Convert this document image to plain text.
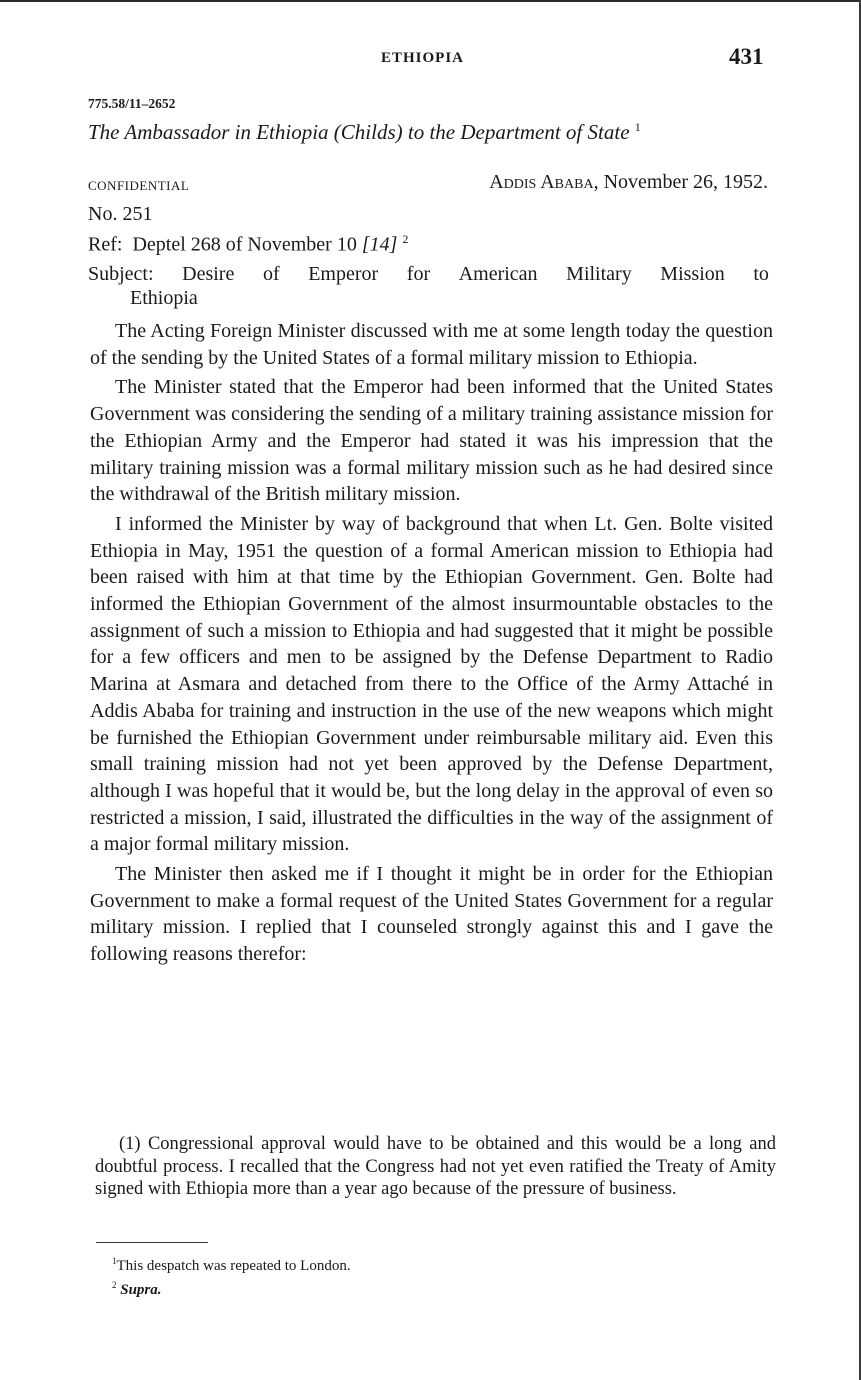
ETHIOPIA	431
775.58/11–2652
The Ambassador in Ethiopia (Childs) to the Department of State $^1$
CONFIDENTIAL	Addis Ababa, November 26, 1952.
No. 251
Ref: Deptel 268 of November 10 [14] $^2$
Subject: Desire of Emperor for American Military Mission to
Ethiopia

The Acting Foreign Minister discussed with me at some length today the question of the sending by the United States of a formal military mission to Ethiopia.

The Minister stated that the Emperor had been informed that the United States Government was considering the sending of a military training assistance mission for the Ethiopian Army and the Emperor had stated it was his impression that the military training mission was a formal military mission such as he had desired since the withdrawal of the British military mission.

I informed the Minister by way of background that when Lt. Gen. Bolte visited Ethiopia in May, 1951 the question of a formal American mission to Ethiopia had been raised with him at that time by the Ethiopian Government. Gen. Bolte had informed the Ethiopian Government of the almost insurmountable obstacles to the assignment of such a mission to Ethiopia and had suggested that it might be possible for a few officers and men to be assigned by the Defense Department to Radio Marina at Asmara and detached from there to the Office of the Army Attaché in Addis Ababa for training and instruction in the use of the new weapons which might be furnished the Ethiopian Government under reimbursable military aid. Even this small training mission had not yet been approved by the Defense Department, although I was hopeful that it would be, but the long delay in the approval of even so restricted a mission, I said, illustrated the difficulties in the way of the assignment of a major formal military mission.

The Minister then asked me if I thought it might be in order for the Ethiopian Government to make a formal request of the United States Government for a regular military mission. I replied that I counseled strongly against this and I gave the following reasons therefor:

(1) Congressional approval would have to be obtained and this would be a long and doubtful process. I recalled that the Congress had not yet even ratified the Treaty of Amity signed with Ethiopia more than a year ago because of the pressure of business.

$^1$This despatch was repeated to London.
$^2$ Supra.
